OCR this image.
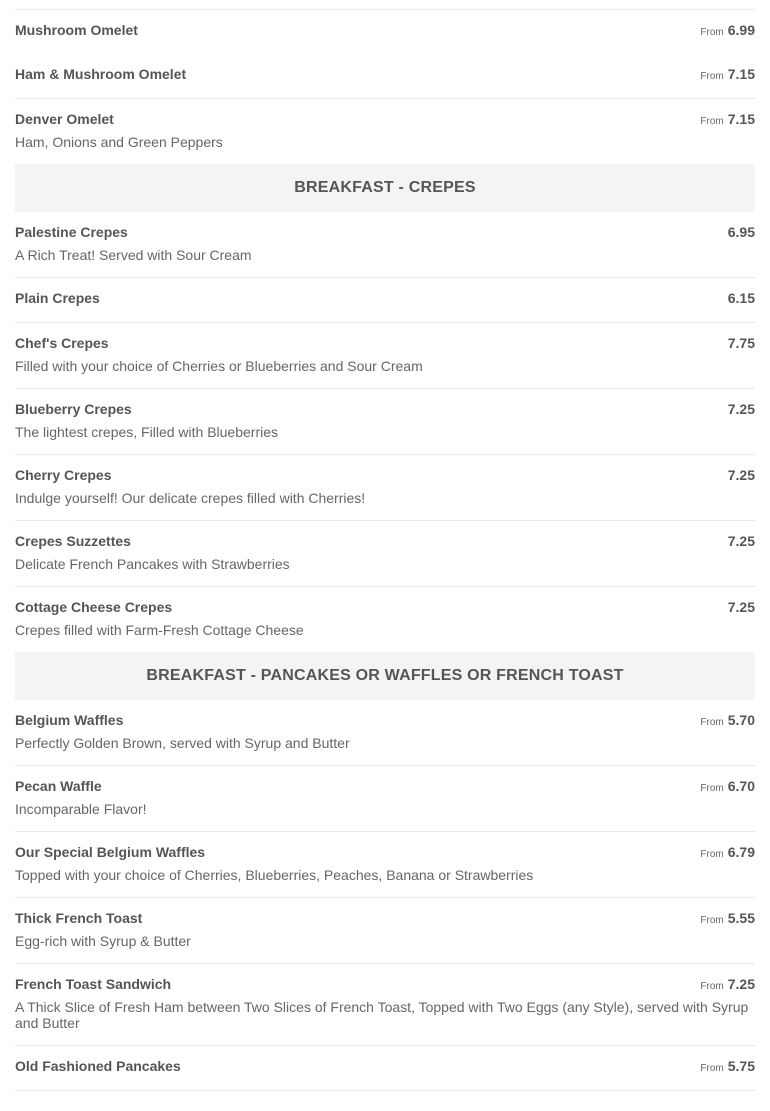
Mushroom Omelet	From 6.99
Ham & Mushroom Omelet	From 7.15
Denver Omelet	From 7.15
Ham, Onions and Green Peppers
BREAKFAST - CREPES
Palestine Crepes	6.95
A Rich Treat! Served with Sour Cream
Plain Crepes	6.15
Chef's Crepes	7.75
Filled with your choice of Cherries or Blueberries and Sour Cream
Blueberry Crepes	7.25
The lightest crepes, Filled with Blueberries
Cherry Crepes	7.25
Indulge yourself! Our delicate crepes filled with Cherries!
Crepes Suzzettes	7.25
Delicate French Pancakes with Strawberries
Cottage Cheese Crepes	7.25
Crepes filled with Farm-Fresh Cottage Cheese
BREAKFAST - PANCAKES OR WAFFLES OR FRENCH TOAST
Belgium Waffles	From 5.70
Perfectly Golden Brown, served with Syrup and Butter
Pecan Waffle	From 6.70
Incomparable Flavor!
Our Special Belgium Waffles	From 6.79
Topped with your choice of Cherries, Blueberries, Peaches, Banana or Strawberries
Thick French Toast	From 5.55
Egg-rich with Syrup & Butter
French Toast Sandwich	From 7.25
A Thick Slice of Fresh Ham between Two Slices of French Toast, Topped with Two Eggs (any Style), served with Syrup and Butter
Old Fashioned Pancakes	From 5.75
